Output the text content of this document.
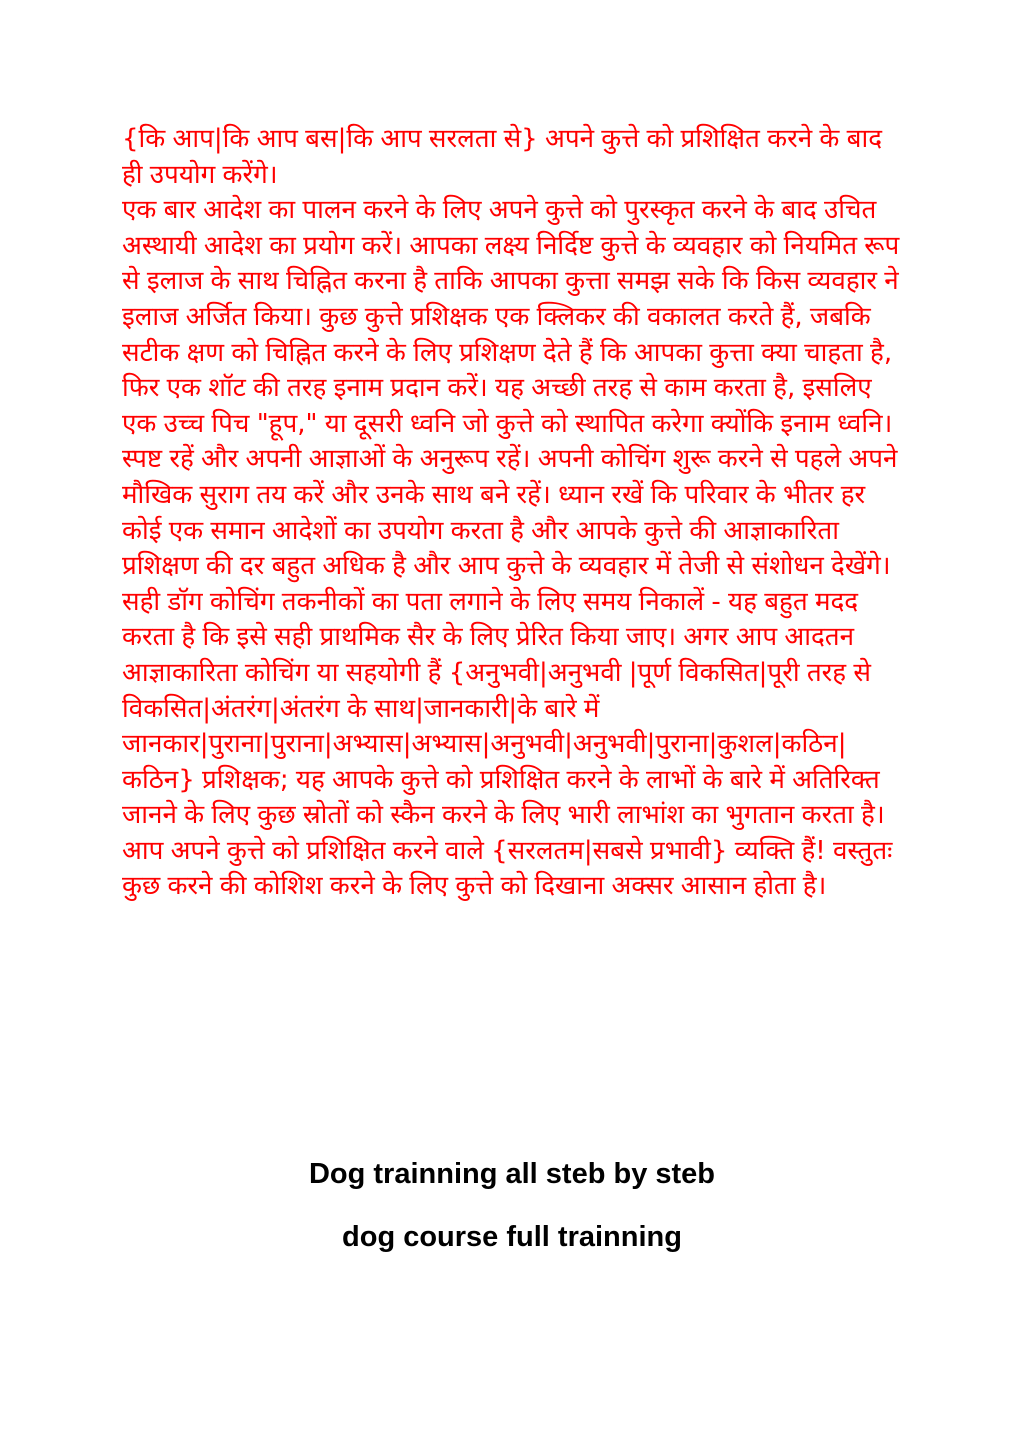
{कि आप|कि आप बस|कि आप सरलता से} अपने कुत्ते को प्रशिक्षित करने के बाद ही उपयोग करेंगे।

एक बार आदेश का पालन करने के लिए अपने कुत्ते को पुरस्कृत करने के बाद उचित अस्थायी आदेश का प्रयोग करें। आपका लक्ष्य निर्दिष्ट कुत्ते के व्यवहार को नियमित रूप से इलाज के साथ चिह्नित करना है ताकि आपका कुत्ता समझ सके कि किस व्यवहार ने इलाज अर्जित किया। कुछ कुत्ते प्रशिक्षक एक क्लिकर की वकालत करते हैं, जबकि सटीक क्षण को चिह्नित करने के लिए प्रशिक्षण देते हैं कि आपका कुत्ता क्या चाहता है, फिर एक शॉट की तरह इनाम प्रदान करें। यह अच्छी तरह से काम करता है, इसलिए एक उच्च पिच "हूप," या दूसरी ध्वनि जो कुत्ते को स्थापित करेगा क्योंकि इनाम ध्वनि।

स्पष्ट रहें और अपनी आज्ञाओं के अनुरूप रहें। अपनी कोचिंग शुरू करने से पहले अपने मौखिक सुराग तय करें और उनके साथ बने रहें। ध्यान रखें कि परिवार के भीतर हर कोई एक समान आदेशों का उपयोग करता है और आपके कुत्ते की आज्ञाकारिता प्रशिक्षण की दर बहुत अधिक है और आप कुत्ते के व्यवहार में तेजी से संशोधन देखेंगे।

सही डॉग कोचिंग तकनीकों का पता लगाने के लिए समय निकालें - यह बहुत मदद करता है कि इसे सही प्राथमिक सैर के लिए प्रेरित किया जाए। अगर आप आदतन आज्ञाकारिता कोचिंग या सहयोगी हैं {अनुभवी|अनुभवी |पूर्ण विकसित|पूरी तरह से विकसित|अंतरंग|अंतरंग के साथ|जानकारी|के बारे में

जानकार|पुराना|पुराना|अभ्यास|अभ्यास|अनुभवी|अनुभवी|पुराना|कुशल|कठिन|कठिन} प्रशिक्षक; यह आपके कुत्ते को प्रशिक्षित करने के लाभों के बारे में अतिरिक्त जानने के लिए कुछ स्रोतों को स्कैन करने के लिए भारी लाभांश का भुगतान करता है।

आप अपने कुत्ते को प्रशिक्षित करने वाले {सरलतम|सबसे प्रभावी} व्यक्ति हैं! वस्तुतः कुछ करने की कोशिश करने के लिए कुत्ते को दिखाना अक्सर आसान होता है।

Dog trainning all steb by steb
dog course full trainning
